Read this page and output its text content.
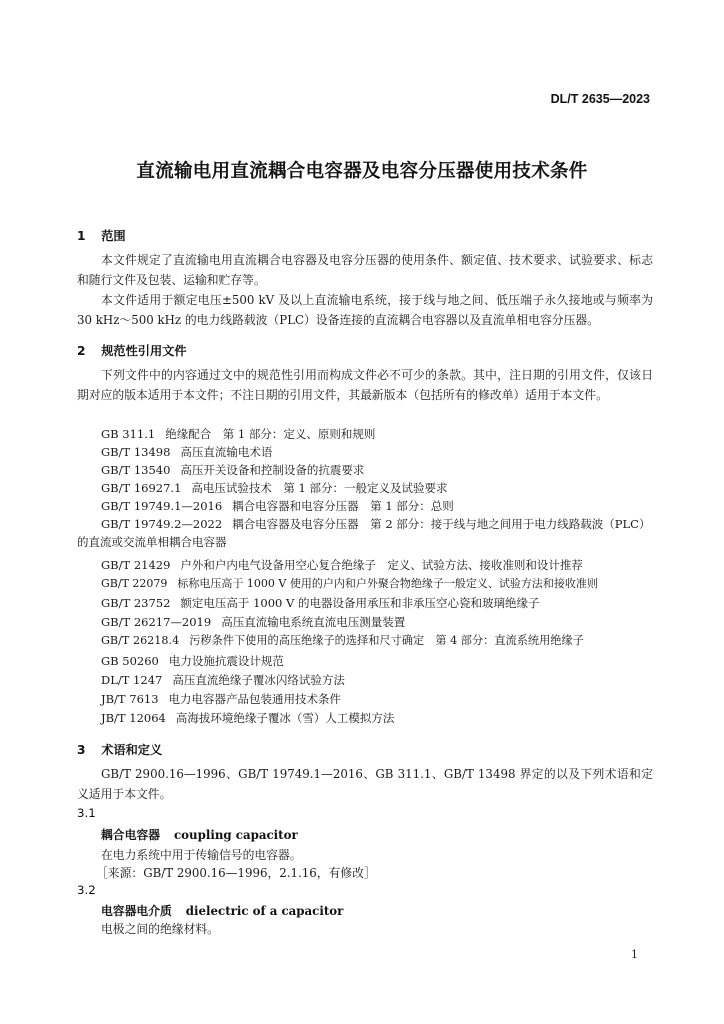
DL/T 2635—2023
直流输电用直流耦合电容器及电容分压器使用技术条件
1 范围

本文件规定了直流输电用直流耦合电容器及电容分压器的使用条件、额定值、技术要求、试验要求、标志和随行文件及包装、运输和贮存等。

本文件适用于额定电压±500 kV 及以上直流输电系统，接于线与地之间、低压端子永久接地或与频率为 30 kHz～500 kHz 的电力线路载波（PLC）设备连接的直流耦合电容器以及直流单相电容分压器。

2 规范性引用文件

下列文件中的内容通过文中的规范性引用而构成文件必不可少的条款。其中，注日期的引用文件，仅该日期对应的版本适用于本文件；不注日期的引用文件，其最新版本（包括所有的修改单）适用于本文件。

GB 311.1 绝缘配合　第 1 部分：定义、原则和规则
GB/T 13498 高压直流输电术语
GB/T 13540 高压开关设备和控制设备的抗震要求
GB/T 16927.1 高电压试验技术　第 1 部分：一般定义及试验要求
GB/T 19749.1—2016 耦合电容器和电容分压器　第 1 部分：总则
GB/T 19749.2—2022 耦合电容器及电容分压器　第 2 部分：接于线与地之间用于电力线路载波（PLC）的直流或交流单相耦合电容器
GB/T 21429 户外和户内电气设备用空心复合绝缘子　定义、试验方法、接收准则和设计推荐
GB/T 22079 标称电压高于 1000 V 使用的户内和户外聚合物绝缘子一般定义、试验方法和接收准则
GB/T 23752 额定电压高于 1000 V 的电器设备用承压和非承压空心瓷和玻璃绝缘子
GB/T 26217—2019 高压直流输电系统直流电压测量装置
GB/T 26218.4 污秽条件下使用的高压绝缘子的选择和尺寸确定　第 4 部分：直流系统用绝缘子
GB 50260 电力设施抗震设计规范
DL/T 1247 高压直流绝缘子覆冰闪络试验方法
JB/T 7613 电力电容器产品包装通用技术条件
JB/T 12064 高海拔环境绝缘子覆冰（雪）人工模拟方法
3 术语和定义

GB/T 2900.16—1996、GB/T 19749.1—2016、GB 311.1、GB/T 13498 界定的以及下列术语和定义适用于本文件。

3.1
耦合电容器 coupling capacitor
在电力系统中用于传输信号的电容器。
［来源：GB/T 2900.16—1996，2.1.16，有修改］
3.2
电容器电介质 dielectric of a capacitor
电极之间的绝缘材料。
1
